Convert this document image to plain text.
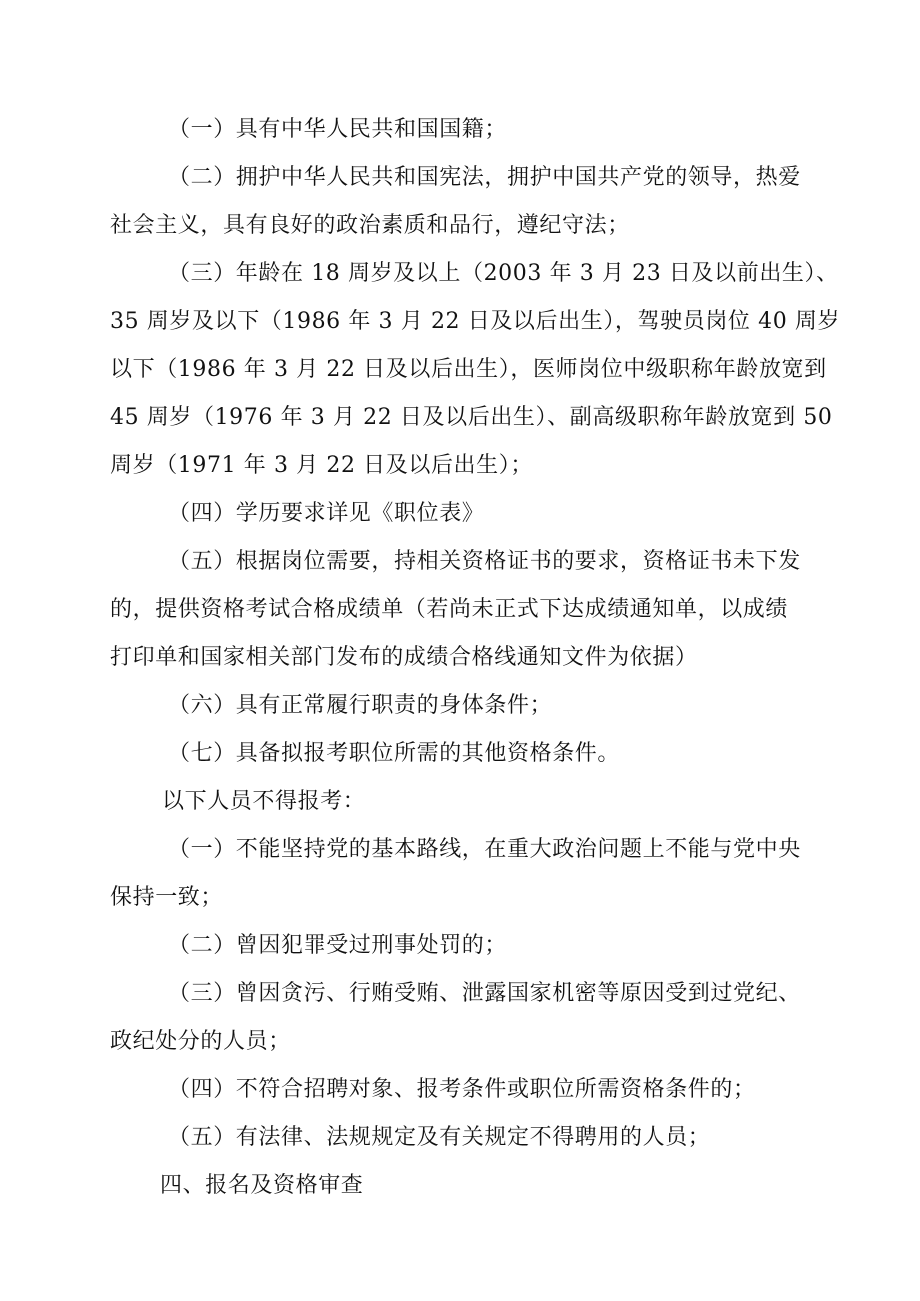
（一）具有中华人民共和国国籍；
（二）拥护中华人民共和国宪法，拥护中国共产党的领导，热爱
社会主义，具有良好的政治素质和品行，遵纪守法；
（三）年龄在 18 周岁及以上（2003 年 3 月 23 日及以前出生）、
35 周岁及以下（1986 年 3 月 22 日及以后出生），驾驶员岗位 40 周岁
以下（1986 年 3 月 22 日及以后出生），医师岗位中级职称年龄放宽到
45 周岁（1976 年 3 月 22 日及以后出生）、副高级职称年龄放宽到 50
周岁（1971 年 3 月 22 日及以后出生）；
（四）学历要求详见《职位表》
（五）根据岗位需要，持相关资格证书的要求，资格证书未下发
的，提供资格考试合格成绩单（若尚未正式下达成绩通知单，以成绩
打印单和国家相关部门发布的成绩合格线通知文件为依据）
（六）具有正常履行职责的身体条件；
（七）具备拟报考职位所需的其他资格条件。
以下人员不得报考：
（一）不能坚持党的基本路线，在重大政治问题上不能与党中央
保持一致；
（二）曾因犯罪受过刑事处罚的；
（三）曾因贪污、行贿受贿、泄露国家机密等原因受到过党纪、
政纪处分的人员；
（四）不符合招聘对象、报考条件或职位所需资格条件的；
（五）有法律、法规规定及有关规定不得聘用的人员；
四、报名及资格审查
